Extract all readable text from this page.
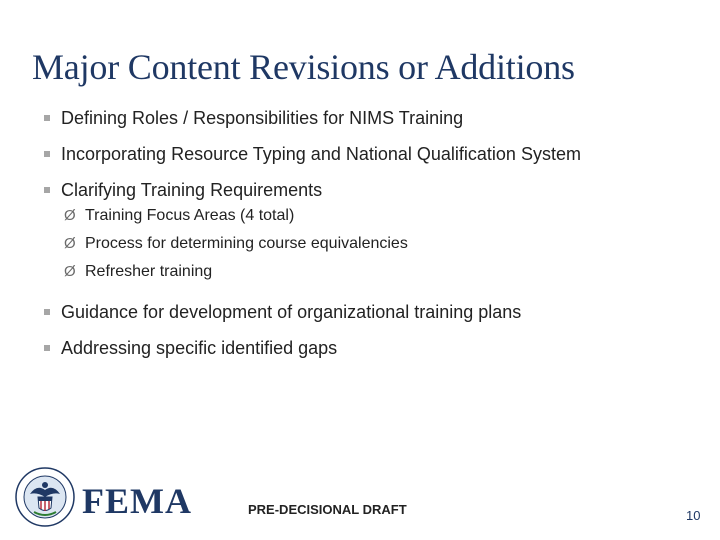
Major Content Revisions or Additions
Defining Roles / Responsibilities for NIMS Training
Incorporating Resource Typing and National Qualification System
Clarifying Training Requirements
Ø Training Focus Areas (4 total)
Ø Process for determining course equivalencies
Ø Refresher training
Guidance for development of organizational training plans
Addressing specific identified gaps
FEMA	PRE-DECISIONAL DRAFT	10
